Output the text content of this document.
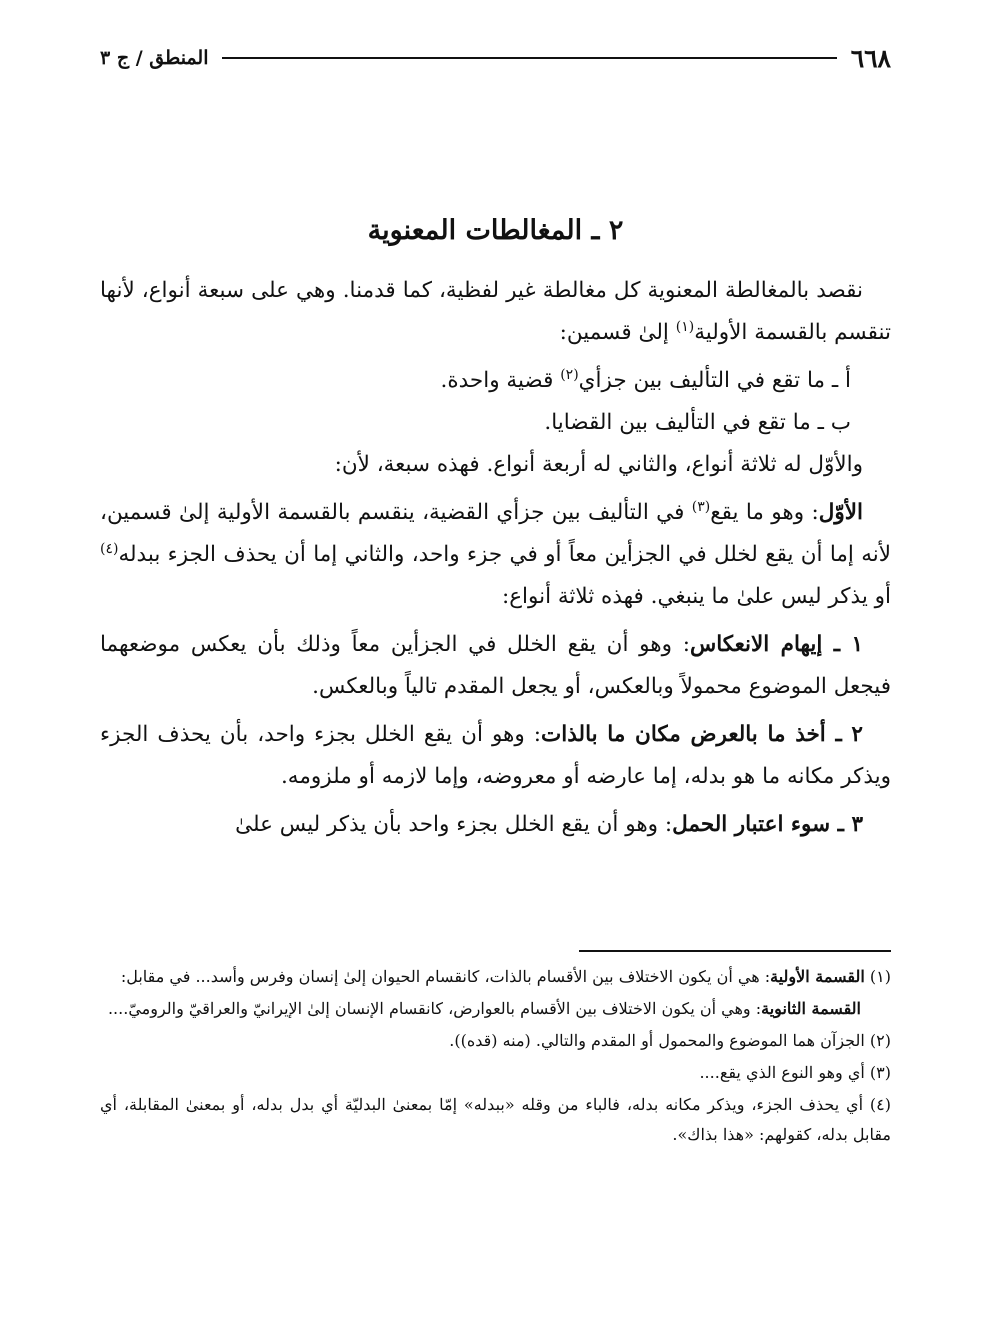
٦٦٨
المنطق / ج ٣
٢ ـ المغالطات المعنوية

نقصد بالمغالطة المعنوية كل مغالطة غير لفظية، كما قدمنا. وهي على سبعة أنواع، لأنها تنقسم بالقسمة الأولية$^{(١)}$ إلىٰ قسمين:

أ ـ ما تقع في التأليف بين جزأي$^{(٢)}$ قضية واحدة.

ب ـ ما تقع في التأليف بين القضايا.

والأوّل له ثلاثة أنواع، والثاني له أربعة أنواع. فهذه سبعة، لأن:

الأوّل: وهو ما يقع$^{(٣)}$ في التأليف بين جزأي القضية، ينقسم بالقسمة الأولية إلىٰ قسمين، لأنه إما أن يقع لخلل في الجزأين معاً أو في جزء واحد، والثاني إما أن يحذف الجزء ببدله$^{(٤)}$ أو يذكر ليس علىٰ ما ينبغي. فهذه ثلاثة أنواع:

١ ـ إيهام الانعكاس: وهو أن يقع الخلل في الجزأين معاً وذلك بأن يعكس موضعهما فيجعل الموضوع محمولاً وبالعكس، أو يجعل المقدم تالياً وبالعكس.

٢ ـ أخذ ما بالعرض مكان ما بالذات: وهو أن يقع الخلل بجزء واحد، بأن يحذف الجزء ويذكر مكانه ما هو بدله، إما عارضه أو معروضه، وإما لازمه أو ملزومه.

٣ ـ سوء اعتبار الحمل: وهو أن يقع الخلل بجزء واحد بأن يذكر ليس علىٰ

(١) القسمة الأولية: هي أن يكون الاختلاف بين الأقسام بالذات، كانقسام الحيوان إلىٰ إنسان وفرس وأسد... في مقابل:

القسمة الثانوية: وهي أن يكون الاختلاف بين الأقسام بالعوارض، كانقسام الإنسان إلىٰ الإيرانيّ والعراقيّ والروميّ....

(٢) الجزآن هما الموضوع والمحمول أو المقدم والتالي. (منه (قده)).

(٣) أي وهو النوع الذي يقع....

(٤) أي يحذف الجزء، ويذكر مكانه بدله، فالباء من وقله «ببدله» إمّا بمعنىٰ البدليّة أي بدل بدله، أو بمعنىٰ المقابلة، أي مقابل بدله، كقولهم: «هذا بذاك».
